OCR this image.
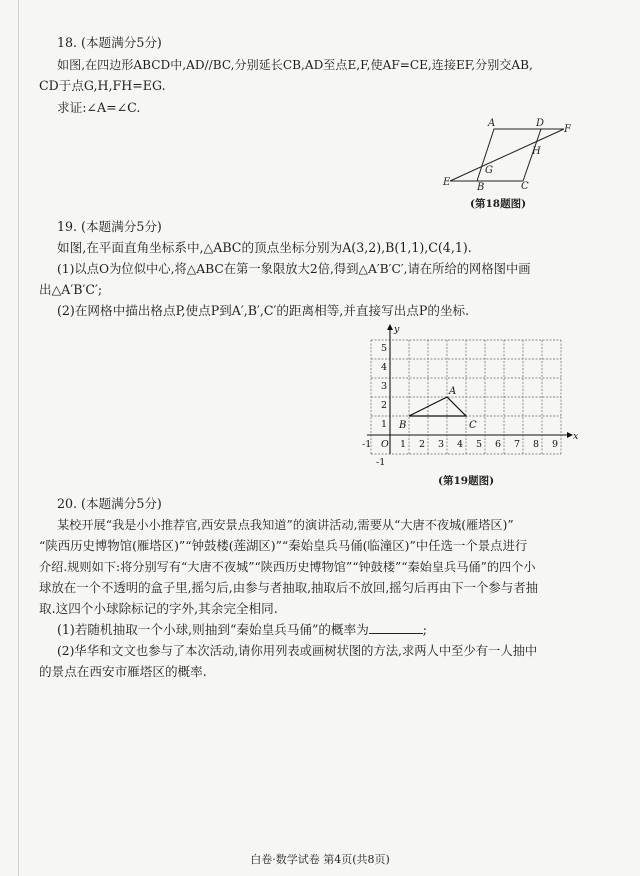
18. (本题满分5分)
如图,在四边形ABCD中,AD//BC,分别延长CB,AD至点E,F,使AF=CE,连接EF,分别交AB,
CD于点G,H,FH=EG.
求证:∠A=∠C.
A	D
F
H
G
E	B	C
(第18题图)
19. (本题满分5分)
如图,在平面直角坐标系中,△ABC的顶点坐标分别为A(3,2),B(1,1),C(4,1).
(1)以点O为位似中心,将△ABC在第一象限放大2倍,得到△A′B′C′,请在所给的网格图中画
出△A′B′C′;
(2)在网格中描出格点P,使点P到A′,B′,C′的距离相等,并直接写出点P的坐标.
-1 O 1 2 3 4 5 6 7 8 9
5
4
3
2
1
-1
x
y
A
B	C
(第19题图)
20. (本题满分5分)
某校开展“我是小小推荐官,西安景点我知道”的演讲活动,需要从“大唐不夜城(雁塔区)”
“陕西历史博物馆(雁塔区)”“钟鼓楼(莲湖区)”“秦始皇兵马俑(临潼区)”中任选一个景点进行
介绍.规则如下:将分别写有“大唐不夜城”“陕西历史博物馆”“钟鼓楼”“秦始皇兵马俑”的四个小
球放在一个不透明的盒子里,摇匀后,由参与者抽取,抽取后不放回,摇匀后再由下一个参与者抽
取.这四个小球除标记的字外,其余完全相同.
(1)若随机抽取一个小球,则抽到“秦始皇兵马俑”的概率为	;
(2)华华和文文也参与了本次活动,请你用列表或画树状图的方法,求两人中至少有一人抽中
的景点在西安市雁塔区的概率.
白卷·数学试卷 第4页(共8页)
